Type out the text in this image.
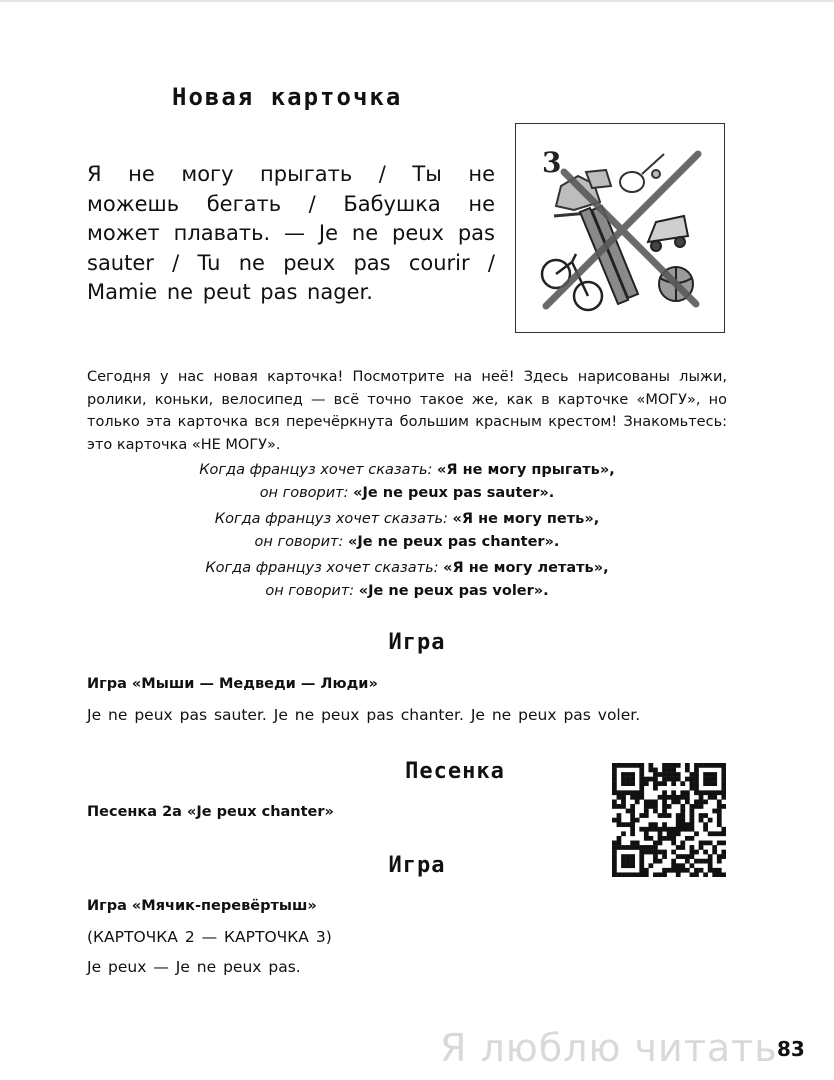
Новая карточка

Я не могу прыгать / Ты не можешь бегать / Бабушка не может плавать. — Je ne peux pas sauter / Tu ne peux pas courir / Mamie ne peut pas nager.

3

Сегодня у нас новая карточка! Посмотрите на неё! Здесь нарисованы лыжи, ролики, коньки, велосипед — всё точно такое же, как в карточке «МОГУ», но только эта карточка вся перечёркнута большим красным крестом! Знакомьтесь: это карточка «НЕ МОГУ».

Когда француз хочет сказать: «Я не могу прыгать»,

он говорит: «Je ne peux pas sauter».

Когда француз хочет сказать: «Я не могу петь»,

он говорит: «Je ne peux pas chanter».

Когда француз хочет сказать: «Я не могу летать»,

он говорит: «Je ne peux pas voler».

Игра

Игра «Мыши — Медведи — Люди»

Je ne peux pas sauter. Je ne peux pas chanter. Je ne peux pas voler.

Песенка

Песенка 2а «Je peux chanter»

Игра

Игра «Мячик-перевёртыш»

(КАРТОЧКА 2 — КАРТОЧКА 3)

Je peux — Je ne peux pas.

Я люблю читать 83
